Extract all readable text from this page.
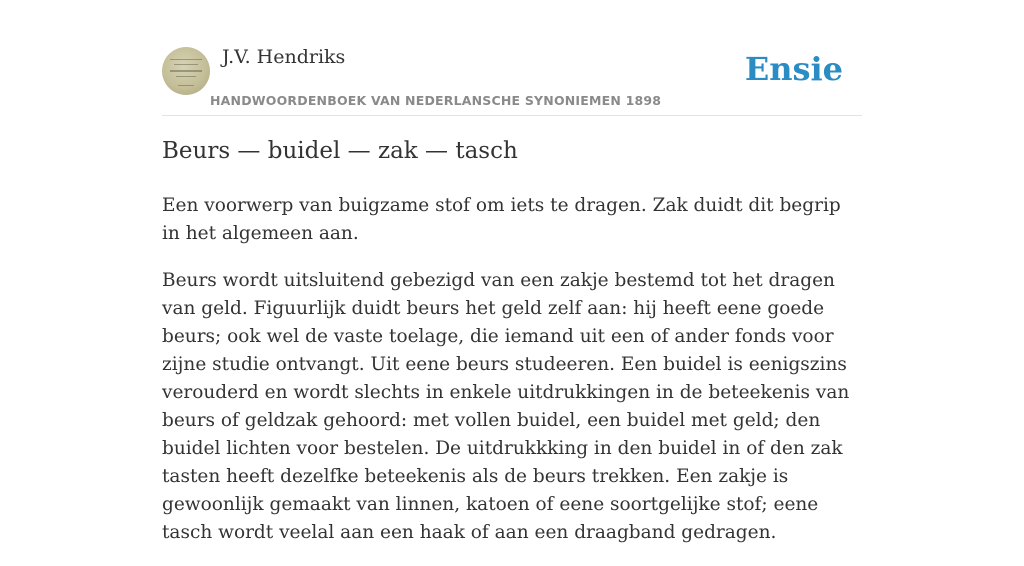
J.V. Hendriks
HANDWOORDENBOEK VAN NEDERLANSCHE SYNONIEMEN 1898
Ensie
Beurs — buidel — zak — tasch

Een voorwerp van buigzame stof om iets te dragen. Zak duidt dit begrip in het algemeen aan.

Beurs wordt uitsluitend gebezigd van een zakje bestemd tot het dragen van geld. Figuurlijk duidt beurs het geld zelf aan: hij heeft eene goede beurs; ook wel de vaste toelage, die iemand uit een of ander fonds voor zijne studie ontvangt. Uit eene beurs studeeren. Een buidel is eenigszins verouderd en wordt slechts in enkele uitdrukkingen in de beteekenis van beurs of geldzak gehoord: met vollen buidel, een buidel met geld; den buidel lichten voor bestelen. De uitdrukkking in den buidel in of den zak tasten heeft dezelfke beteekenis als de beurs trekken. Een zakje is gewoonlijk gemaakt van linnen, katoen of eene soortgelijke stof; eene tasch wordt veelal aan een haak of aan een draagband gedragen.
